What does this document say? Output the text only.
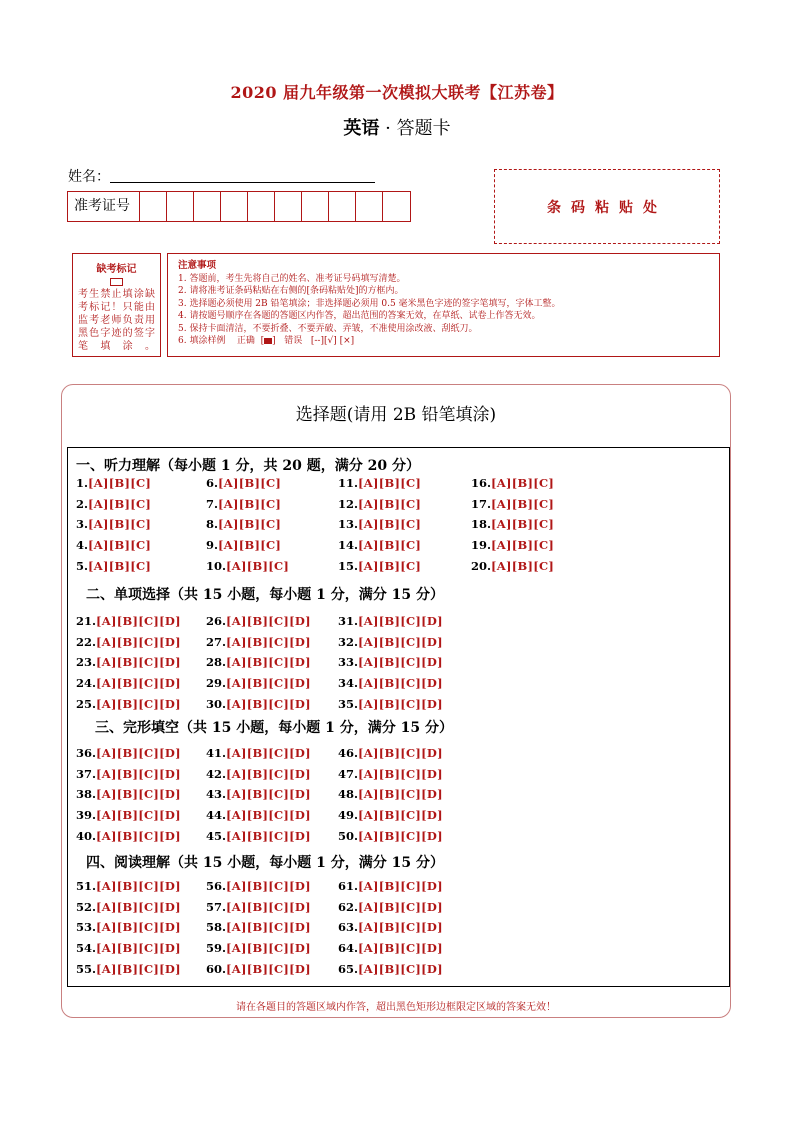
2020 届九年级第一次模拟大联考【江苏卷】
英语 · 答题卡
姓名：
准考证号	条码粘贴处
缺考标记
考生禁止填涂缺考标记！只能由监考老师负责用黑色字迹的签字笔填涂。
注意事项
1. 答题前，考生先将自己的姓名、准考证号码填写清楚。
2. 请将准考证条码粘贴在右侧的[条码粘贴处]的方框内。
3. 选择题必须使用 2B 铅笔填涂；非选择题必须用 0.5 毫米黑色字迹的签字笔填写，字体工整。
4. 请按题号顺序在各题的答题区内作答，超出范围的答案无效，在草纸、试卷上作答无效。
5. 保持卡面清洁，不要折叠、不要弄破、弄皱，不准使用涂改液、刮纸刀。
6. 填涂样例 正确  [ ]   错误 [--][√] [×]
选择题(请用 2B 铅笔填涂)
一、听力理解（每小题 1 分，共 20 题，满分 20 分）
1.[A][B][C]
2.[A][B][C]
3.[A][B][C]
4.[A][B][C]
5.[A][B][C]
6.[A][B][C]
7.[A][B][C]
8.[A][B][C]
9.[A][B][C]
10.[A][B][C]
11.[A][B][C]
12.[A][B][C]
13.[A][B][C]
14.[A][B][C]
15.[A][B][C]
16.[A][B][C]
17.[A][B][C]
18.[A][B][C]
19.[A][B][C]
20.[A][B][C]
二、单项选择（共 15 小题，每小题 1 分，满分 15 分）
21.[A][B][C][D]
22.[A][B][C][D]
23.[A][B][C][D]
24.[A][B][C][D]
25.[A][B][C][D]
26.[A][B][C][D]
27.[A][B][C][D]
28.[A][B][C][D]
29.[A][B][C][D]
30.[A][B][C][D]
31.[A][B][C][D]
32.[A][B][C][D]
33.[A][B][C][D]
34.[A][B][C][D]
35.[A][B][C][D]
三、完形填空（共 15 小题，每小题 1 分，满分 15 分）
36.[A][B][C][D]
37.[A][B][C][D]
38.[A][B][C][D]
39.[A][B][C][D]
40.[A][B][C][D]
41.[A][B][C][D]
42.[A][B][C][D]
43.[A][B][C][D]
44.[A][B][C][D]
45.[A][B][C][D]
46.[A][B][C][D]
47.[A][B][C][D]
48.[A][B][C][D]
49.[A][B][C][D]
50.[A][B][C][D]
四、阅读理解（共 15 小题，每小题 1 分，满分 15 分）
51.[A][B][C][D]
52.[A][B][C][D]
53.[A][B][C][D]
54.[A][B][C][D]
55.[A][B][C][D]
56.[A][B][C][D]
57.[A][B][C][D]
58.[A][B][C][D]
59.[A][B][C][D]
60.[A][B][C][D]
61.[A][B][C][D]
62.[A][B][C][D]
63.[A][B][C][D]
64.[A][B][C][D]
65.[A][B][C][D]
请在各题目的答题区域内作答，超出黑色矩形边框限定区域的答案无效！
